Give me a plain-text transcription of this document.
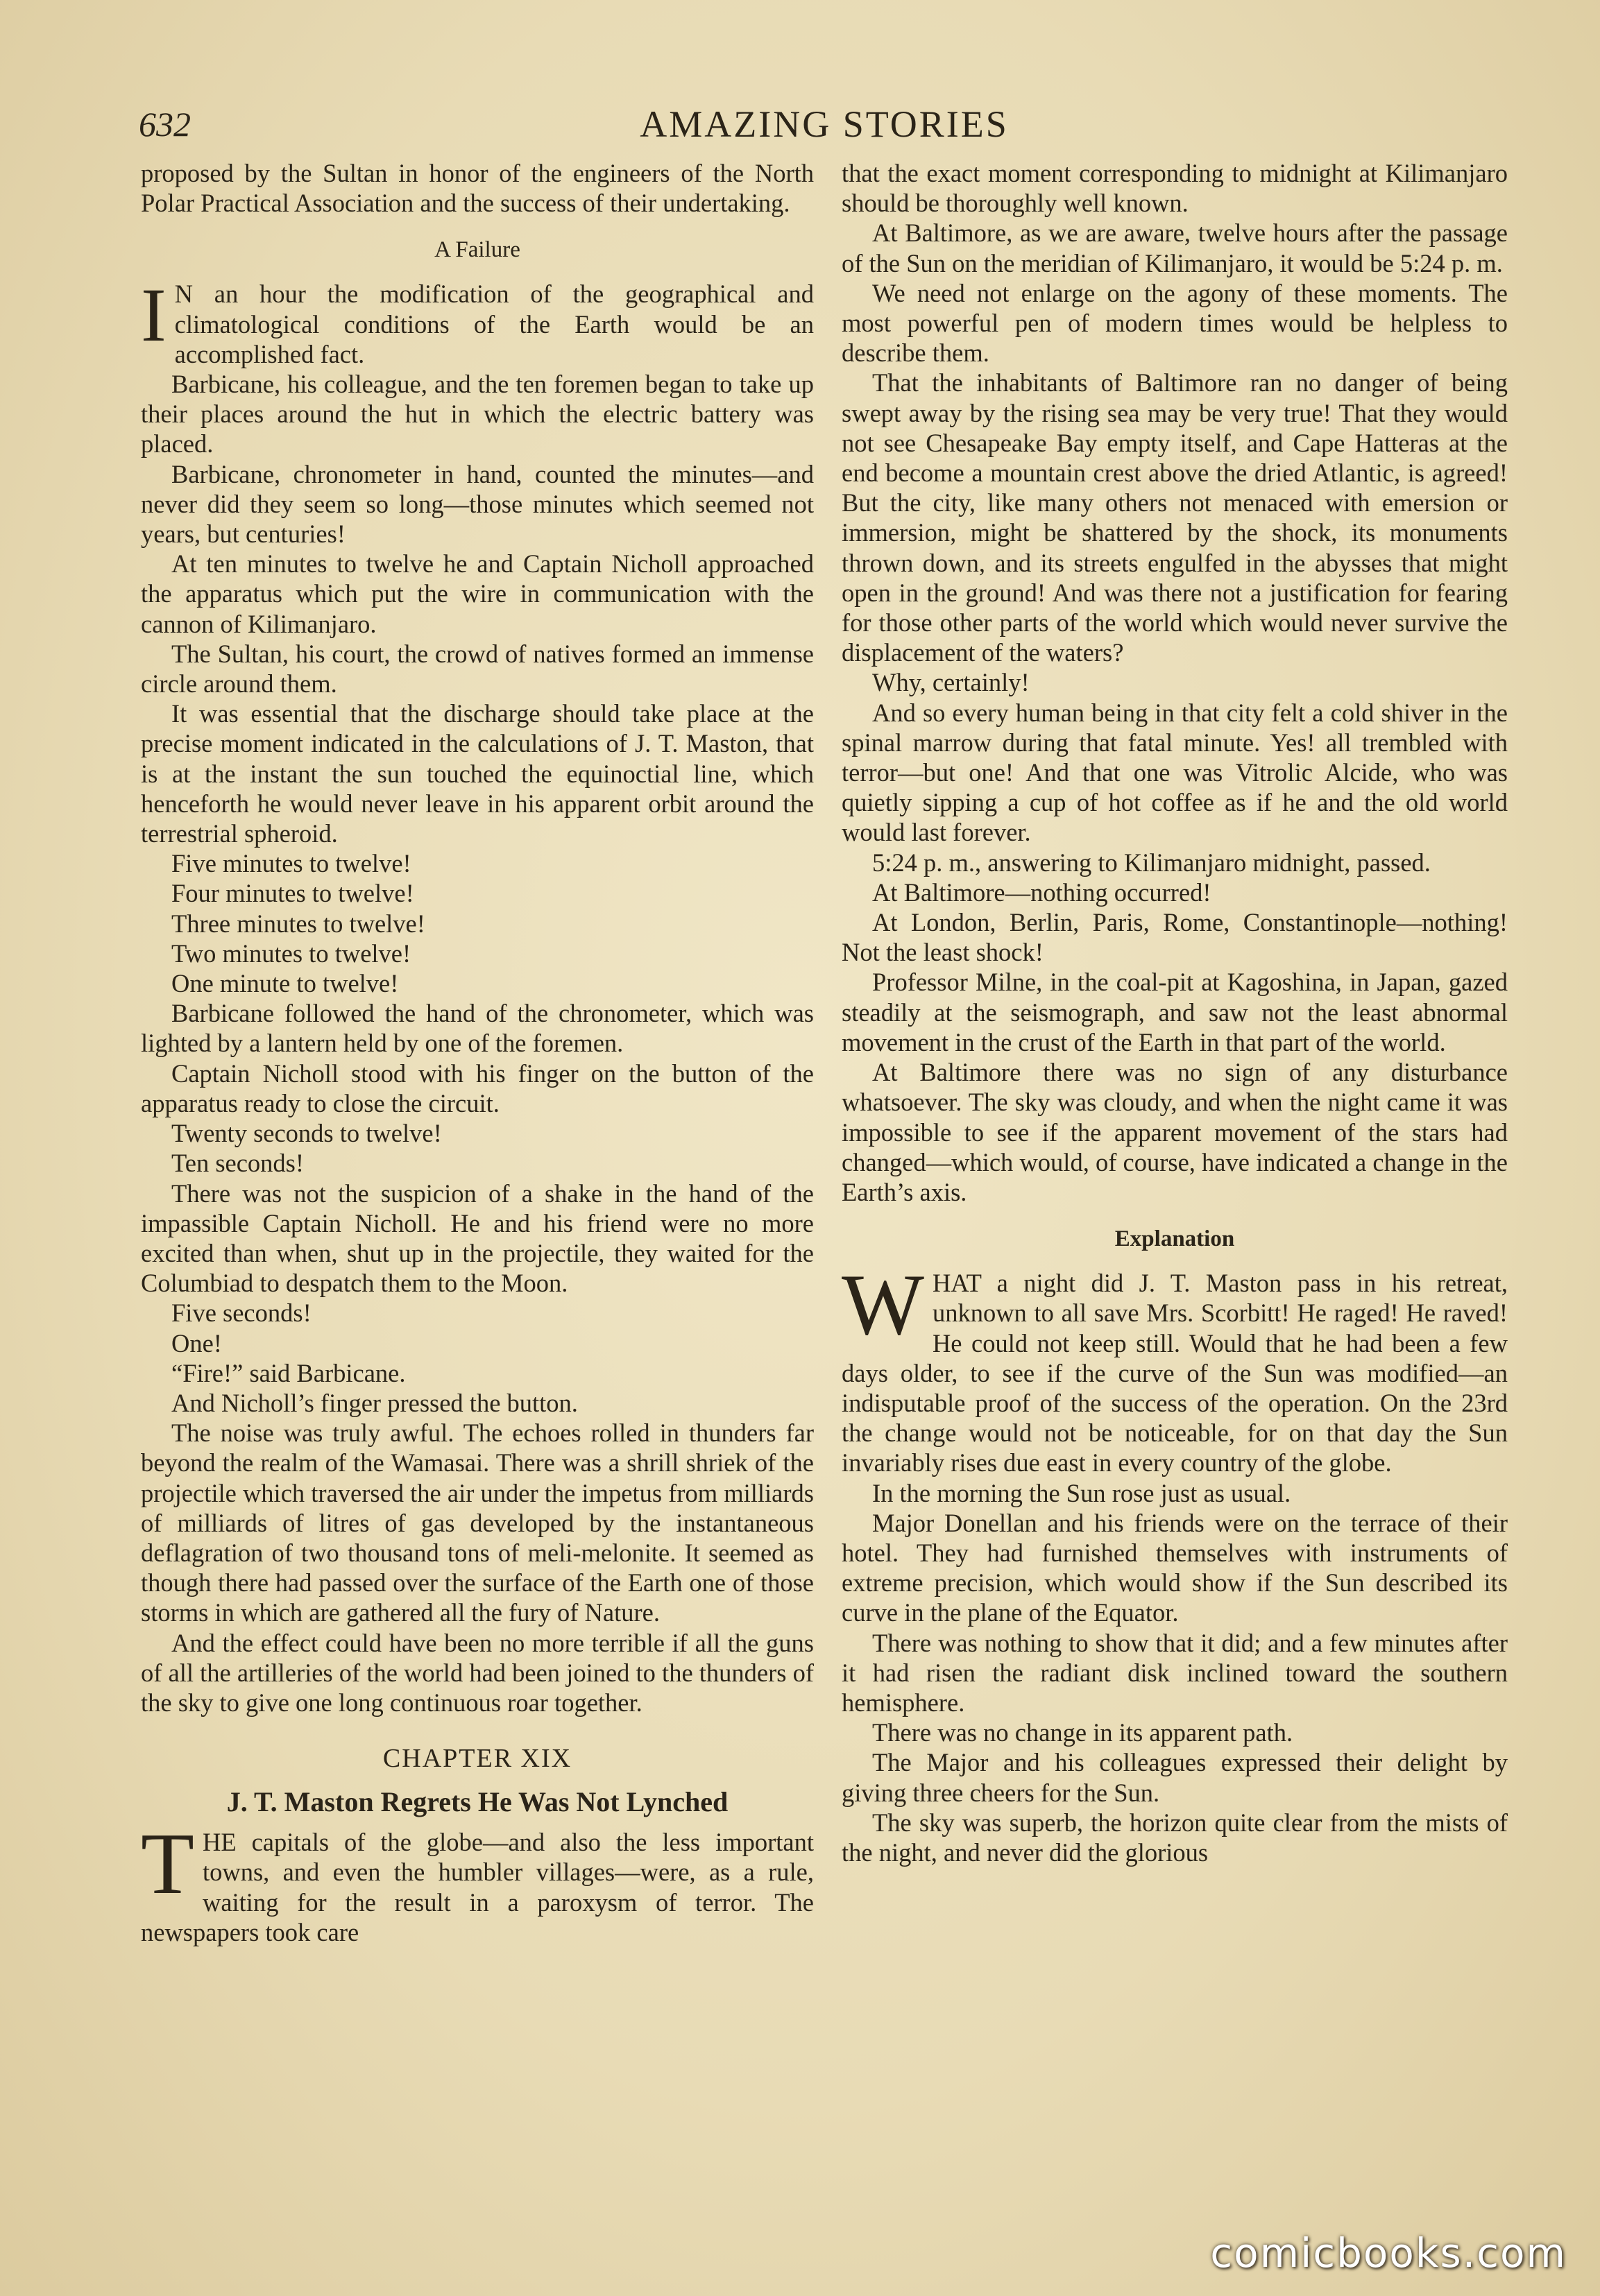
632	AMAZING STORIES

proposed by the Sultan in honor of the engineers of the North Polar Practical Association and the success of their undertaking.

A Failure

I N an hour the modification of the geographical and climatological conditions of the Earth would be an accomplished fact.

Barbicane, his colleague, and the ten foremen began to take up their places around the hut in which the electric battery was placed.

Barbicane, chronometer in hand, counted the minutes—and never did they seem so long—those minutes which seemed not years, but centuries!

At ten minutes to twelve he and Captain Nicholl approached the apparatus which put the wire in communication with the cannon of Kilimanjaro.

The Sultan, his court, the crowd of natives formed an immense circle around them.

It was essential that the discharge should take place at the precise moment indicated in the calculations of J. T. Maston, that is at the instant the sun touched the equinoctial line, which henceforth he would never leave in his apparent orbit around the terrestrial spheroid.

Five minutes to twelve!

Four minutes to twelve!

Three minutes to twelve!

Two minutes to twelve!

One minute to twelve!

Barbicane followed the hand of the chronometer, which was lighted by a lantern held by one of the foremen.

Captain Nicholl stood with his finger on the button of the apparatus ready to close the circuit.

Twenty seconds to twelve!

Ten seconds!

There was not the suspicion of a shake in the hand of the impassible Captain Nicholl. He and his friend were no more excited than when, shut up in the projectile, they waited for the Columbiad to despatch them to the Moon.

Five seconds!

One!

“Fire!” said Barbicane.

And Nicholl’s finger pressed the button.

The noise was truly awful. The echoes rolled in thunders far beyond the realm of the Wamasai. There was a shrill shriek of the projectile which traversed the air under the impetus from milliards of milliards of litres of gas developed by the instantaneous deflagration of two thousand tons of meli-melonite. It seemed as though there had passed over the surface of the Earth one of those storms in which are gathered all the fury of Nature.

And the effect could have been no more terrible if all the guns of all the artilleries of the world had been joined to the thunders of the sky to give one long continuous roar together.

CHAPTER XIX
J. T. Maston Regrets He Was Not Lynched

THE capitals of the globe—and also the less important towns, and even the humbler villages—were, as a rule, waiting for the result in a paroxysm of terror. The newspapers took care

that the exact moment corresponding to midnight at Kilimanjaro should be thoroughly well known.

At Baltimore, as we are aware, twelve hours after the passage of the Sun on the meridian of Kilimanjaro, it would be 5:24 p. m.

We need not enlarge on the agony of these moments. The most powerful pen of modern times would be helpless to describe them.

That the inhabitants of Baltimore ran no danger of being swept away by the rising sea may be very true! That they would not see Chesapeake Bay empty itself, and Cape Hatteras at the end become a mountain crest above the dried Atlantic, is agreed! But the city, like many others not menaced with emersion or immersion, might be shattered by the shock, its monuments thrown down, and its streets engulfed in the abysses that might open in the ground! And was there not a justification for fearing for those other parts of the world which would never survive the displacement of the waters?

Why, certainly!

And so every human being in that city felt a cold shiver in the spinal marrow during that fatal minute. Yes! all trembled with terror—but one! And that one was Vitrolic Alcide, who was quietly sipping a cup of hot coffee as if he and the old world would last forever.

5:24 p. m., answering to Kilimanjaro midnight, passed.

At Baltimore—nothing occurred!

At London, Berlin, Paris, Rome, Constantinople—nothing! Not the least shock!

Professor Milne, in the coal-pit at Kagoshina, in Japan, gazed steadily at the seismograph, and saw not the least abnormal movement in the crust of the Earth in that part of the world.

At Baltimore there was no sign of any disturbance whatsoever. The sky was cloudy, and when the night came it was impossible to see if the apparent movement of the stars had changed—which would, of course, have indicated a change in the Earth’s axis.

Explanation

WHAT a night did J. T. Maston pass in his retreat, unknown to all save Mrs. Scorbitt! He raged! He raved! He could not keep still. Would that he had been a few days older, to see if the curve of the Sun was modified—an indisputable proof of the success of the operation. On the 23rd the change would not be noticeable, for on that day the Sun invariably rises due east in every country of the globe.

In the morning the Sun rose just as usual.

Major Donellan and his friends were on the terrace of their hotel. They had furnished themselves with instruments of extreme precision, which would show if the Sun described its curve in the plane of the Equator.

There was nothing to show that it did; and a few minutes after it had risen the radiant disk inclined toward the southern hemisphere.

There was no change in its apparent path.

The Major and his colleagues expressed their delight by giving three cheers for the Sun.

The sky was superb, the horizon quite clear from the mists of the night, and never did the glorious

comicbooks.com
